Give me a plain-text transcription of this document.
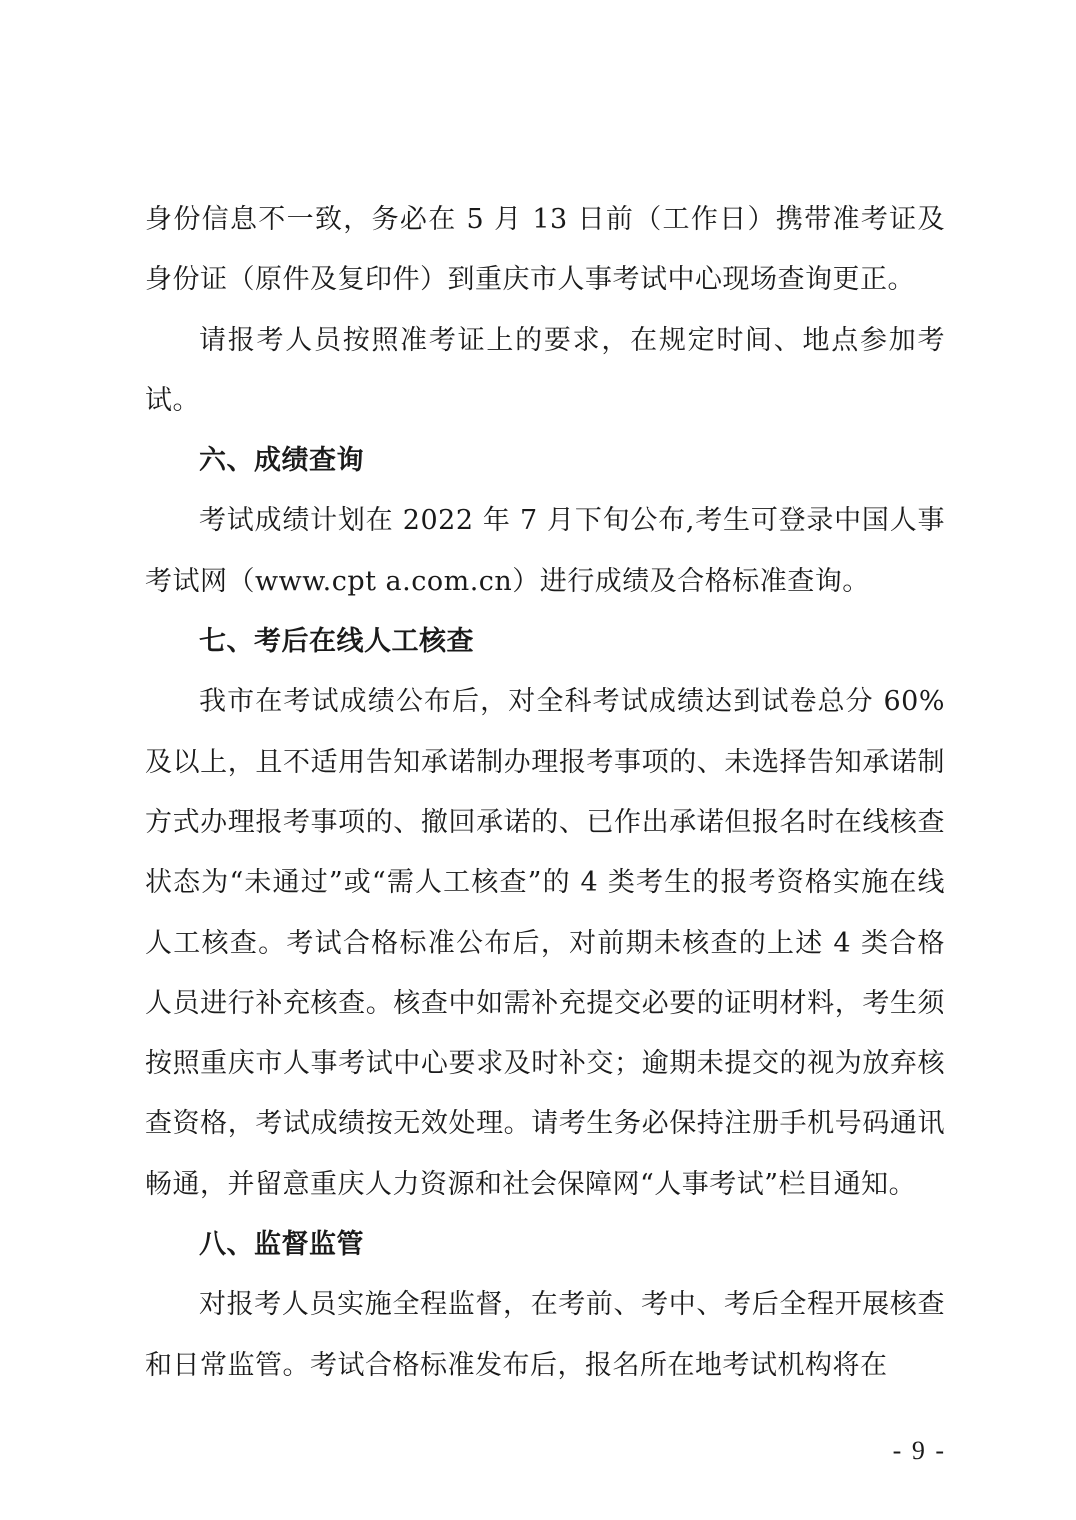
身份信息不一致，务必在 5 月 13 日前（工作日）携带准考证及身份证（原件及复印件）到重庆市人事考试中心现场查询更正。

请报考人员按照准考证上的要求，在规定时间、地点参加考试。

六、成绩查询

考试成绩计划在 2022 年 7 月下旬公布,考生可登录中国人事考试网（www.cpt a.com.cn）进行成绩及合格标准查询。

七、考后在线人工核查

我市在考试成绩公布后，对全科考试成绩达到试卷总分 60%及以上，且不适用告知承诺制办理报考事项的、未选择告知承诺制方式办理报考事项的、撤回承诺的、已作出承诺但报名时在线核查状态为“未通过”或“需人工核查”的 4 类考生的报考资格实施在线人工核查。考试合格标准公布后，对前期未核查的上述 4 类合格人员进行补充核查。核查中如需补充提交必要的证明材料，考生须按照重庆市人事考试中心要求及时补交；逾期未提交的视为放弃核查资格，考试成绩按无效处理。请考生务必保持注册手机号码通讯畅通，并留意重庆人力资源和社会保障网“人事考试”栏目通知。

八、监督监管

对报考人员实施全程监督，在考前、考中、考后全程开展核查和日常监管。考试合格标准发布后，报名所在地考试机构将在

- 9 -
